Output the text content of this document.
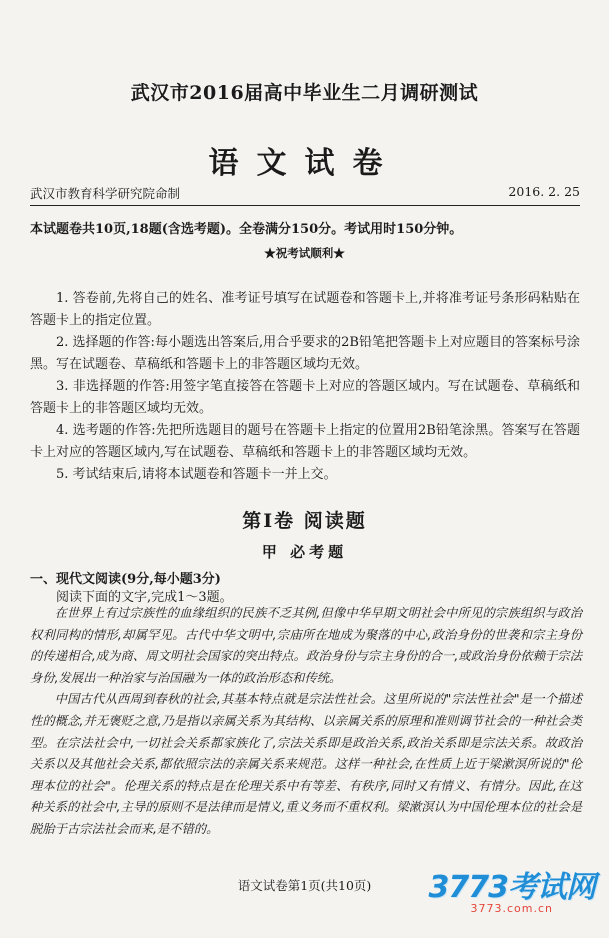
武汉市2016届高中毕业生二月调研测试
语文试卷
武汉市教育科学研究院命制	2016. 2. 25
本试题卷共10页,18题(含选考题)。全卷满分150分。考试用时150分钟。
★祝考试顺利★

1. 答卷前,先将自己的姓名、准考证号填写在试题卷和答题卡上,并将准考证号条形码粘贴在答题卡上的指定位置。

2. 选择题的作答:每小题选出答案后,用合乎要求的2B铅笔把答题卡上对应题目的答案标号涂黑。写在试题卷、草稿纸和答题卡上的非答题区域均无效。

3. 非选择题的作答:用签字笔直接答在答题卡上对应的答题区域内。写在试题卷、草稿纸和答题卡上的非答题区域均无效。

4. 选考题的作答:先把所选题目的题号在答题卡上指定的位置用2B铅笔涂黑。答案写在答题卡上对应的答题区域内,写在试题卷、草稿纸和答题卡上的非答题区域均无效。

5. 考试结束后,请将本试题卷和答题卡一并上交。

第Ⅰ卷 阅读题
甲 必考题
一、现代文阅读(9分,每小题3分)
阅读下面的文字,完成1～3题。

在世界上有过宗族性的血缘组织的民族不乏其例,但像中华早期文明社会中所见的宗族组织与政治权利同构的情形,却属罕见。古代中华文明中,宗庙所在地成为聚落的中心,政治身份的世袭和宗主身份的传递相合,成为商、周文明社会国家的突出特点。政治身份与宗主身份的合一,或政治身份依赖于宗法身份,发展出一种治家与治国融为一体的政治形态和传统。

中国古代从西周到春秋的社会,其基本特点就是宗法性社会。这里所说的"宗法性社会"是一个描述性的概念,并无褒贬之意,乃是指以亲属关系为其结构、以亲属关系的原理和准则调节社会的一种社会类型。在宗法社会中,一切社会关系都家族化了,宗法关系即是政治关系,政治关系即是宗法关系。故政治关系以及其他社会关系,都依照宗法的亲属关系来规范。这样一种社会,在性质上近于梁漱溟所说的"伦理本位的社会"。伦理关系的特点是在伦理关系中有等差、有秩序,同时又有情义、有情分。因此,在这种关系的社会中,主导的原则不是法律而是情义,重义务而不重权利。梁漱溟认为中国伦理本位的社会是脱胎于古宗法社会而来,是不错的。

语文试卷第1页(共10页)	3773考试网
3773.com.cn
